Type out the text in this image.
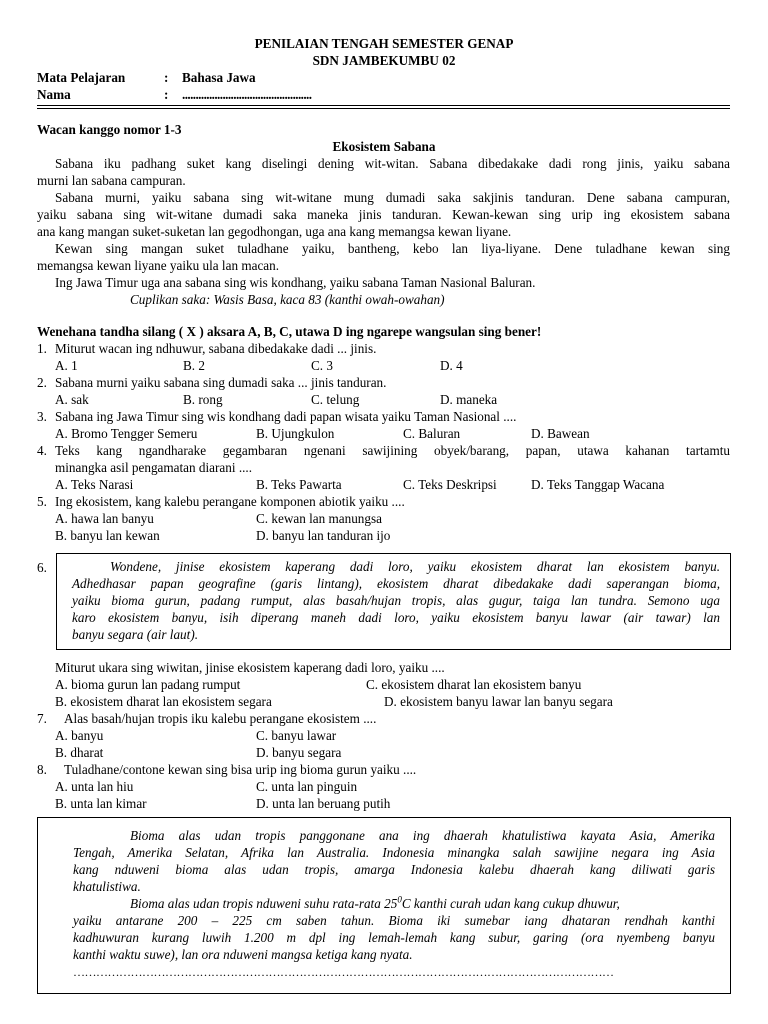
PENILAIAN TENGAH SEMESTER GENAP
SDN JAMBEKUMBU 02
Mata Pelajaran	: Bahasa Jawa
Nama	: ................................................
Wacan kanggo nomor 1-3
Ekosistem Sabana
Sabana iku padhang suket kang diselingi dening wit-witan. Sabana dibedakake dadi rong jinis, yaiku sabana
murni lan sabana campuran.
Sabana murni, yaiku sabana sing wit-witane mung dumadi saka sakjinis tanduran. Dene sabana campuran,
yaiku sabana sing wit-witane dumadi saka maneka jinis tanduran. Kewan-kewan sing urip ing ekosistem sabana
ana kang mangan suket-suketan lan gegodhongan, uga ana kang memangsa kewan liyane.
Kewan sing mangan suket tuladhane yaiku, bantheng, kebo lan liya-liyane. Dene tuladhane kewan sing
memangsa kewan liyane yaiku ula lan macan.
Ing Jawa Timur uga ana sabana sing wis kondhang, yaiku sabana Taman Nasional Baluran.
Cuplikan saka: Wasis Basa, kaca 83 (kanthi owah-owahan)
Wenehana tandha silang ( X ) aksara A, B, C, utawa D ing ngarepe wangsulan sing bener!
1. Miturut wacan ing ndhuwur, sabana dibedakake dadi ... jinis.
A. 1	B. 2	C. 3	D. 4
2. Sabana murni yaiku sabana sing dumadi saka ... jinis tanduran.
A. sak	B. rong	C. telung	D. maneka
3. Sabana ing Jawa Timur sing wis kondhang dadi papan wisata yaiku Taman Nasional ....
A. Bromo Tengger Semeru	B. Ujungkulon	C. Baluran	D. Bawean
4. Teks kang ngandharake gegambaran ngenani sawijining obyek/barang, papan, utawa kahanan tartamtu
minangka asil pengamatan diarani ....
A. Teks Narasi	B. Teks Pawarta	C. Teks Deskripsi	D. Teks Tanggap Wacana
5. Ing ekosistem, kang kalebu perangane komponen abiotik yaiku ....
A. hawa lan banyu	C. kewan lan manungsa
B. banyu lan kewan	D. banyu lan tanduran ijo
6.	Wondene, jinise ekosistem kaperang dadi loro, yaiku ekosistem dharat lan ekosistem banyu.
Adhedhasar papan geografine (garis lintang), ekosistem dharat dibedakake dadi saperangan bioma,
yaiku bioma gurun, padang rumput, alas basah/hujan tropis, alas gugur, taiga lan tundra. Semono uga
karo ekosistem banyu, isih diperang maneh dadi loro, yaiku ekosistem banyu lawar (air tawar) lan
banyu segara (air laut).
Miturut ukara sing wiwitan, jinise ekosistem kaperang dadi loro, yaiku ....
A. bioma gurun lan padang rumput	C. ekosistem dharat lan ekosistem banyu
B. ekosistem dharat lan ekosistem segara	D. ekosistem banyu lawar lan banyu segara
7. Alas basah/hujan tropis iku kalebu perangane ekosistem ....
A. banyu	C. banyu lawar
B. dharat	D. banyu segara
8. Tuladhane/contone kewan sing bisa urip ing bioma gurun yaiku ....
A. unta lan hiu	C. unta lan pinguin
B. unta lan kimar	D. unta lan beruang putih
Bioma alas udan tropis panggonane ana ing dhaerah khatulistiwa kayata Asia, Amerika
Tengah, Amerika Selatan, Afrika lan Australia. Indonesia minangka salah sawijine negara ing Asia
kang nduweni bioma alas udan tropis, amarga Indonesia kalebu dhaerah kang diliwati garis
khatulistiwa.
Bioma alas udan tropis nduweni suhu rata-rata $25^0C$ kanthi curah udan kang cukup dhuwur,
yaiku antarane 200 – 225 cm saben tahun. Bioma iki sumebar iang dhataran rendhah kanthi
kadhuwuran kurang luwih 1.200 m dpl ing lemah-lemah kang subur, garing (ora nyembeng banyu
kanthi waktu suwe), lan ora nduweni mangsa ketiga kang nyata.
……………………………………………………………………………………………………………………………
